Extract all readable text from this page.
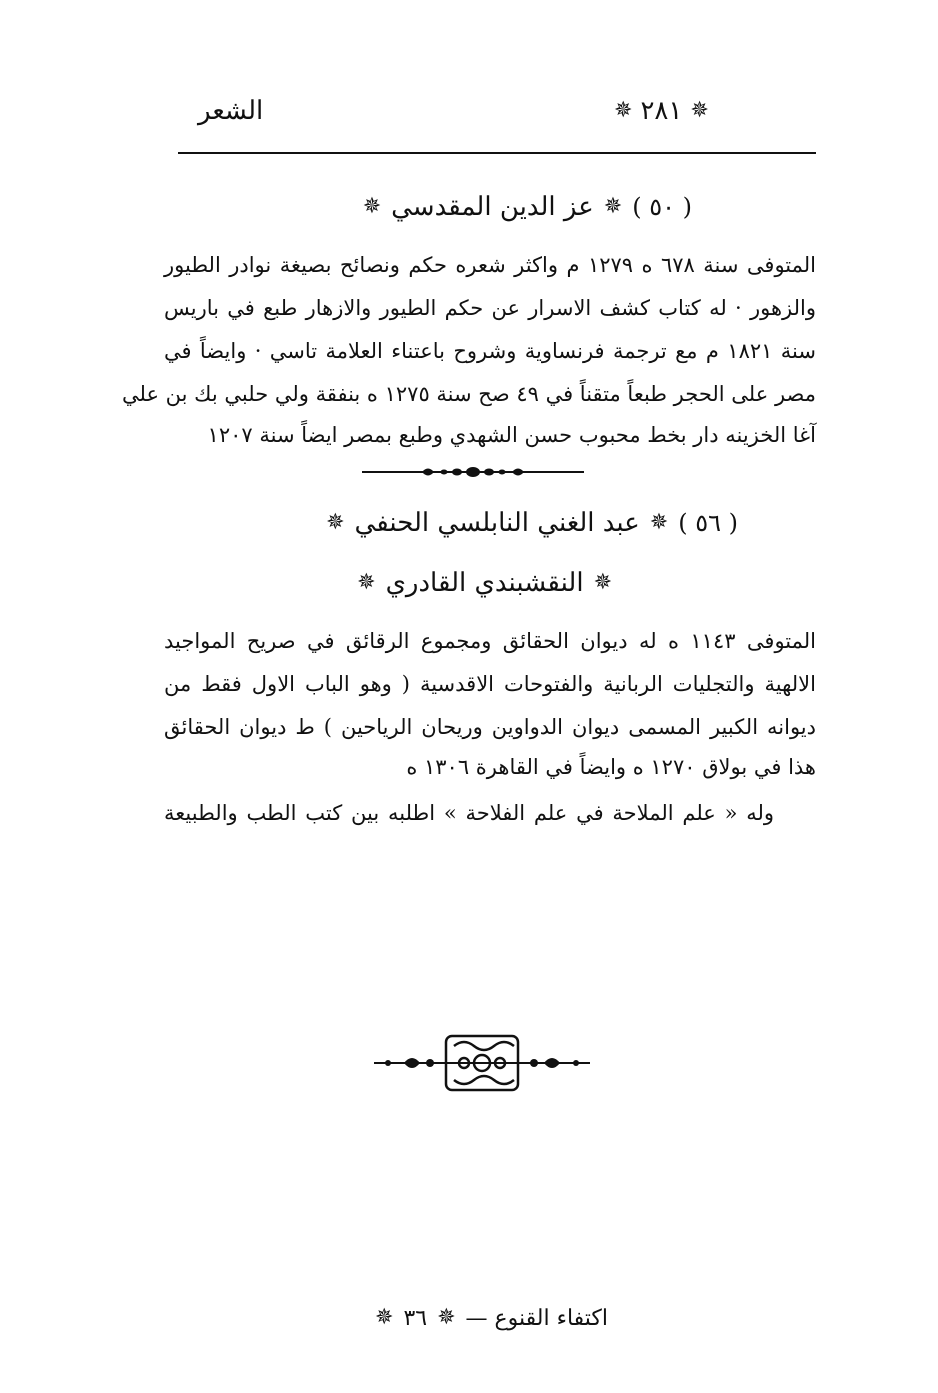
الشعر	✵
٢٨١
✵
( ٥٠ )
✵
عز الدين المقدسي
✵
المتوفى سنة ٦٧٨ ه ١٢٧٩ م واكثر شعره حكم ونصائح بصيغة نوادر الطيور
والزهور · له كتاب كشف الاسرار عن حكم الطيور والازهار طبع في باريس
سنة ١٨٢١ م مع ترجمة فرنساوية وشروح باعتناء العلامة تاسي · وايضاً في
مصر على الحجر طبعاً متقناً في ٤٩ صح سنة ١٢٧٥ ه بنفقة ولي حلبي بك بن علي
آغا الخزينه دار بخط محبوب حسن الشهدي وطبع بمصر ايضاً سنة ١٢٠٧
( ٥٦ )
✵
عبد الغني النابلسي الحنفي
✵
✵
النقشبندي القادري
✵
المتوفى ١١٤٣ ه له ديوان الحقائق ومجموع الرقائق في صريح المواجيد
الالهية والتجليات الربانية والفتوحات الاقدسية ( وهو الباب الاول فقط من
ديوانه الكبير المسمى ديوان الدواوين وريحان الرياحين ) ط ديوان الحقائق
هذا في بولاق ١٢٧٠ ه وايضاً في القاهرة ١٣٠٦ ه
وله « علم الملاحة في علم الفلاحة » اطلبه بين كتب الطب والطبيعة
اكتفاء القنوع —
✵
٣٦
✵
